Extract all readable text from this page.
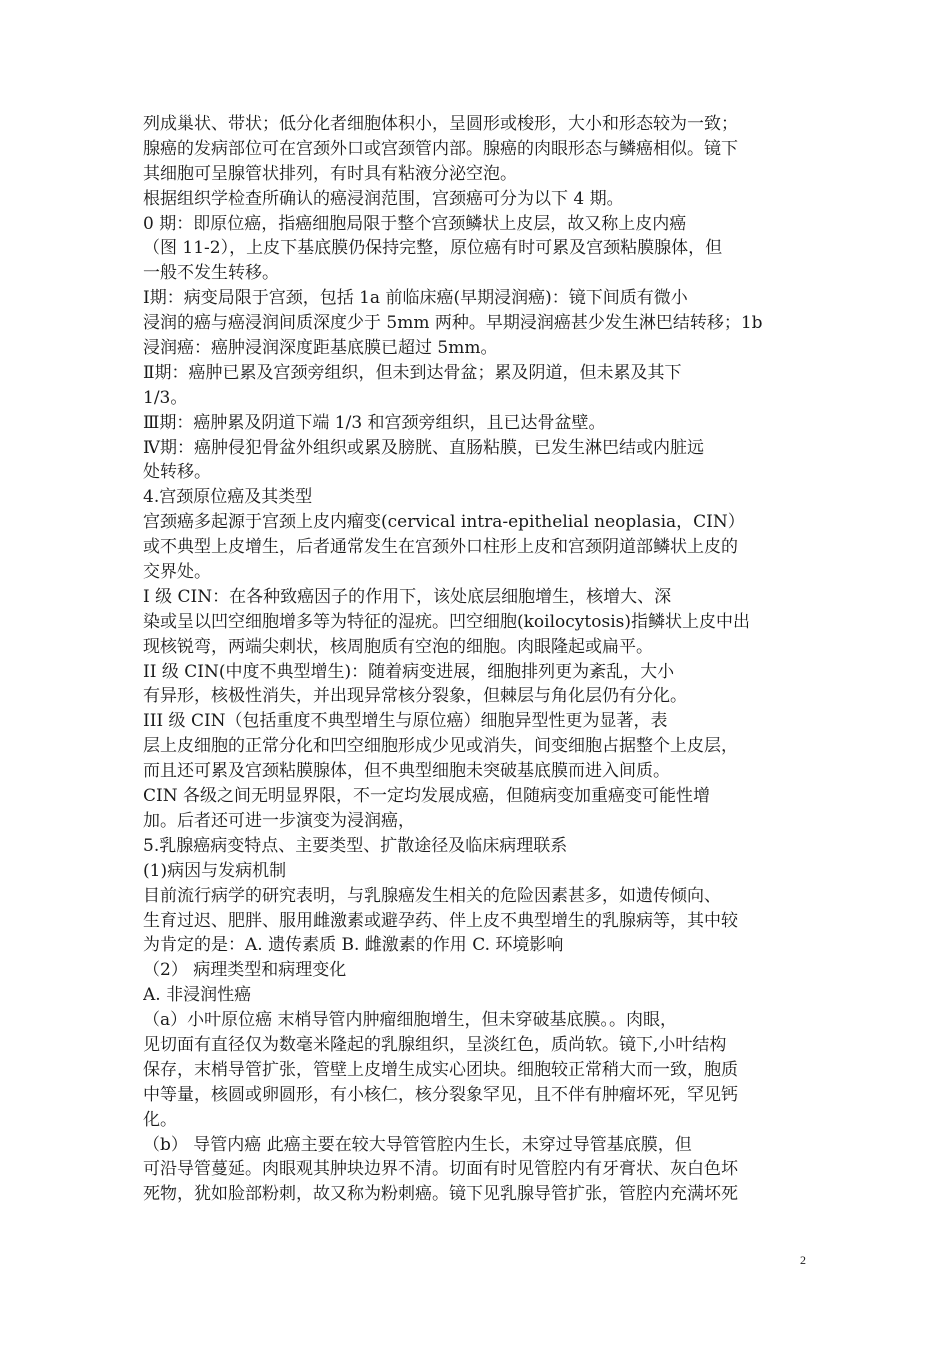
列成巢状、带状；低分化者细胞体积小，呈圆形或梭形，大小和形态较为一致；
腺癌的发病部位可在宫颈外口或宫颈管内部。腺癌的肉眼形态与鳞癌相似。镜下
其细胞可呈腺管状排列，有时具有粘液分泌空泡。
根据组织学检查所确认的癌浸润范围，宫颈癌可分为以下 4 期。
0 期：即原位癌，指癌细胞局限于整个宫颈鳞状上皮层，故又称上皮内癌
（图 11-2），上皮下基底膜仍保持完整，原位癌有时可累及宫颈粘膜腺体，但
一般不发生转移。
Ⅰ期：病变局限于宫颈，包括 1a 前临床癌(早期浸润癌)：镜下间质有微小
浸润的癌与癌浸润间质深度少于 5mm 两种。早期浸润癌甚少发生淋巴结转移；1b
浸润癌：癌肿浸润深度距基底膜已超过 5mm。
Ⅱ期：癌肿已累及宫颈旁组织，但未到达骨盆；累及阴道，但未累及其下
1/3。
Ⅲ期：癌肿累及阴道下端 1/3 和宫颈旁组织，且已达骨盆壁。
Ⅳ期：癌肿侵犯骨盆外组织或累及膀胱、直肠粘膜，已发生淋巴结或内脏远
处转移。
4.宫颈原位癌及其类型
宫颈癌多起源于宫颈上皮内瘤变(cervical intra-epithelial neoplasia，CIN）
或不典型上皮增生，后者通常发生在宫颈外口柱形上皮和宫颈阴道部鳞状上皮的
交界处。
I 级 CIN：在各种致癌因子的作用下，该处底层细胞增生，核增大、深
染或呈以凹空细胞增多等为特征的湿疣。凹空细胞(koilocytosis)指鳞状上皮中出
现核锐弯，两端尖刺状，核周胞质有空泡的细胞。肉眼隆起或扁平。
II 级 CIN(中度不典型增生)：随着病变进展，细胞排列更为紊乱，大小
有异形，核极性消失，并出现异常核分裂象，但棘层与角化层仍有分化。
III 级 CIN（包括重度不典型增生与原位癌）细胞异型性更为显著，表
层上皮细胞的正常分化和凹空细胞形成少见或消失，间变细胞占据整个上皮层，
而且还可累及宫颈粘膜腺体，但不典型细胞未突破基底膜而进入间质。
CIN 各级之间无明显界限，不一定均发展成癌，但随病变加重癌变可能性增
加。后者还可进一步演变为浸润癌，
5.乳腺癌病变特点、主要类型、扩散途径及临床病理联系
(1)病因与发病机制
目前流行病学的研究表明，与乳腺癌发生相关的危险因素甚多，如遗传倾向、
生育过迟、肥胖、服用雌激素或避孕药、伴上皮不典型增生的乳腺病等，其中较
为肯定的是：A. 遗传素质 B. 雌激素的作用 C. 环境影响
（2） 病理类型和病理变化
A. 非浸润性癌
（a）小叶原位癌 末梢导管内肿瘤细胞增生，但未穿破基底膜。。肉眼，
见切面有直径仅为数毫米隆起的乳腺组织，呈淡红色，质尚软。镜下,小叶结构
保存，末梢导管扩张，管壁上皮增生成实心团块。细胞较正常稍大而一致，胞质
中等量，核圆或卵圆形，有小核仁，核分裂象罕见，且不伴有肿瘤坏死，罕见钙
化。
（b） 导管内癌 此癌主要在较大导管管腔内生长，未穿过导管基底膜，但
可沿导管蔓延。肉眼观其肿块边界不清。切面有时见管腔内有牙膏状、灰白色坏
死物，犹如脸部粉刺，故又称为粉刺癌。镜下见乳腺导管扩张，管腔内充满坏死
2
